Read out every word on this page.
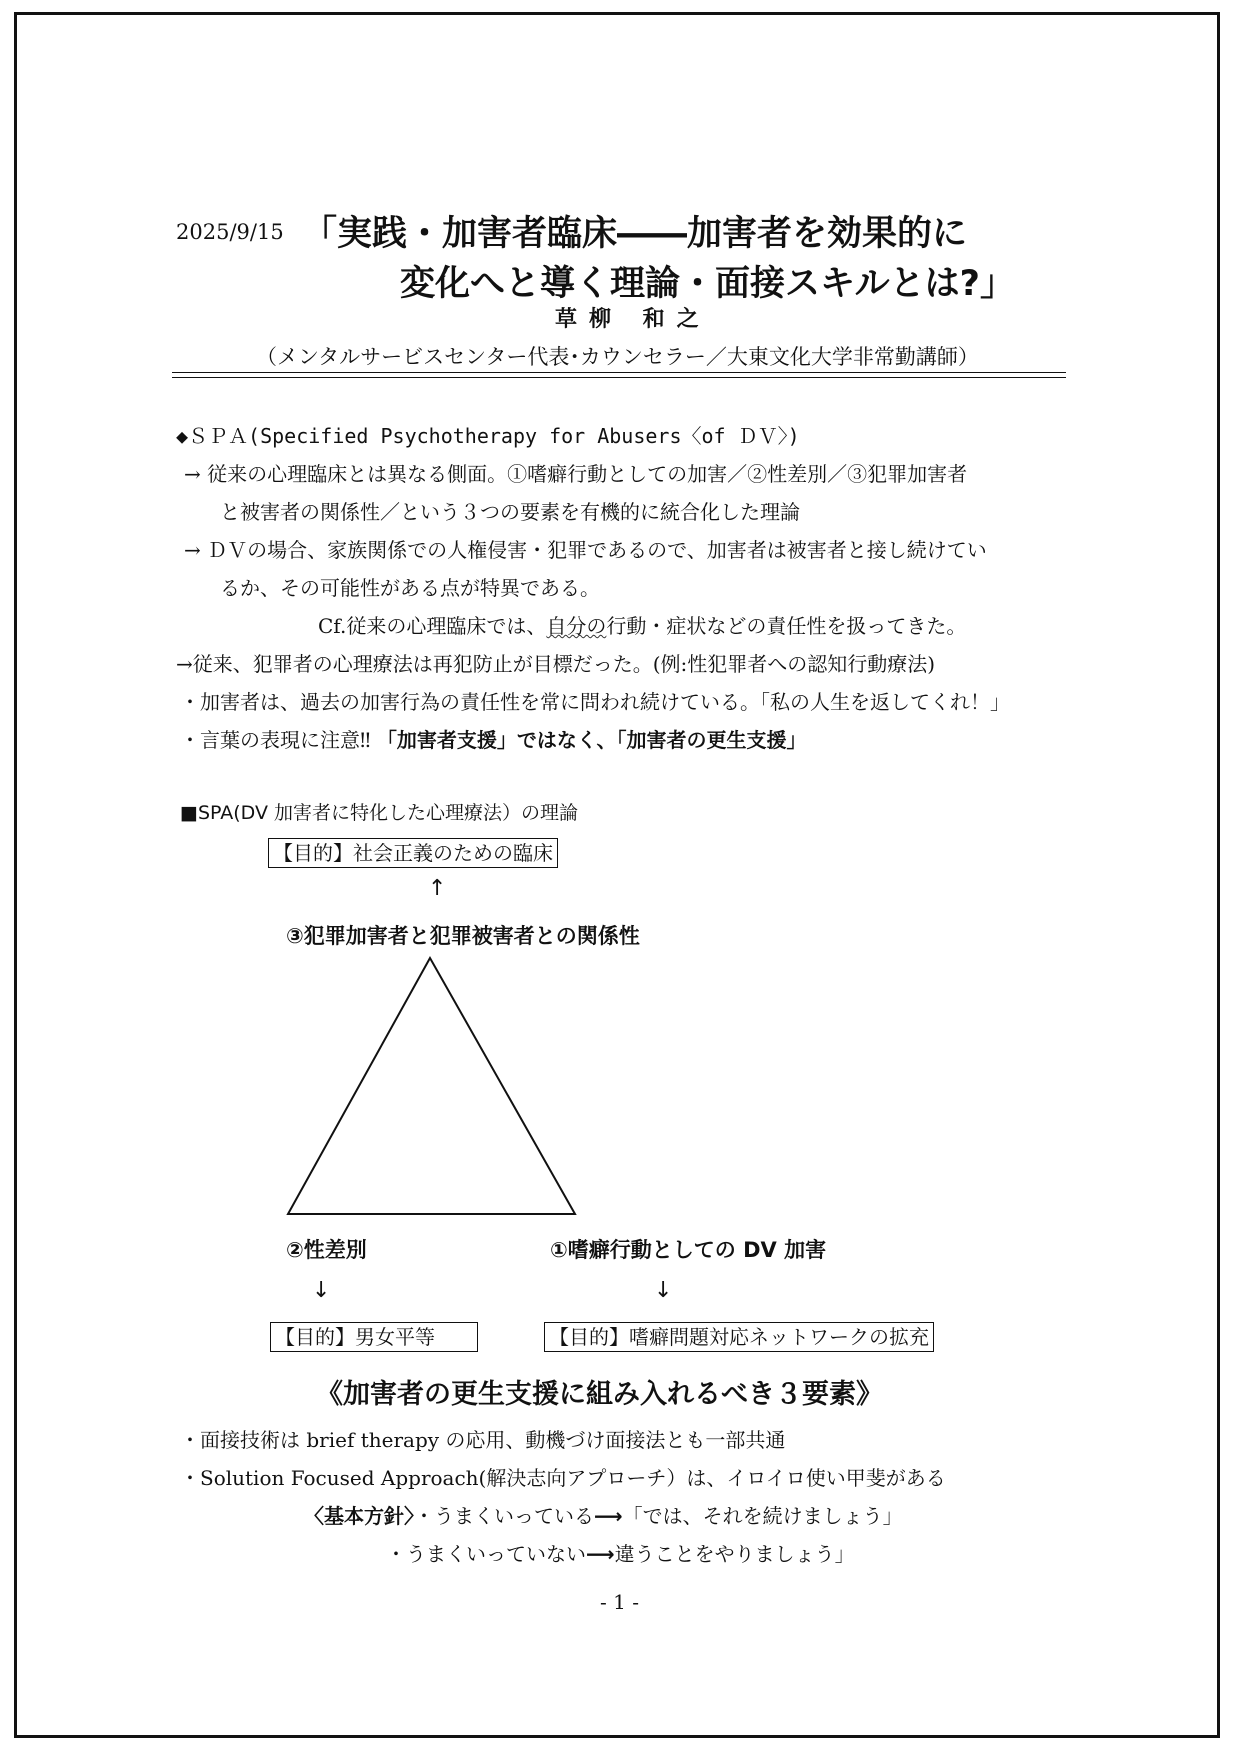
2025/9/15 「実践・加害者臨床――加害者を効果的に
変化へと導く理論・面接スキルとは?」
草柳 和之
（メンタルサービスセンター代表･カウンセラー／大東文化大学非常勤講師）
◆ＳＰＡ(Specified Psychotherapy for Abusers〈of ＤＶ〉)
→ 従来の心理臨床とは異なる側面。①嗜癖行動としての加害／②性差別／③犯罪加害者
と被害者の関係性／という３つの要素を有機的に統合化した理論
→ ＤＶの場合、家族関係での人権侵害・犯罪であるので、加害者は被害者と接し続けてい
るか、その可能性がある点が特異である。
Cf.従来の心理臨床では、自分の行動・症状などの責任性を扱ってきた。
→従来、犯罪者の心理療法は再犯防止が目標だった。(例:性犯罪者への認知行動療法)
・加害者は、過去の加害行為の責任性を常に問われ続けている。「私の人生を返してくれ！」
・言葉の表現に注意‼ 「加害者支援」ではなく、「加害者の更生支援」
■SPA(DV 加害者に特化した心理療法）の理論
【目的】社会正義のための臨床
↑
③犯罪加害者と犯罪被害者との関係性
②性差別	①嗜癖行動としての DV 加害
↓	↓
【目的】男女平等	【目的】嗜癖問題対応ネットワークの拡充
《加害者の更生支援に組み入れるべき３要素》
・面接技術は brief therapy の応用、動機づけ面接法とも一部共通
・Solution Focused Approach(解決志向アプローチ）は、イロイロ使い甲斐がある
〈基本方針〉・うまくいっている⟶「では、それを続けましょう」
・うまくいっていない⟶違うことをやりましょう」
- 1 -
